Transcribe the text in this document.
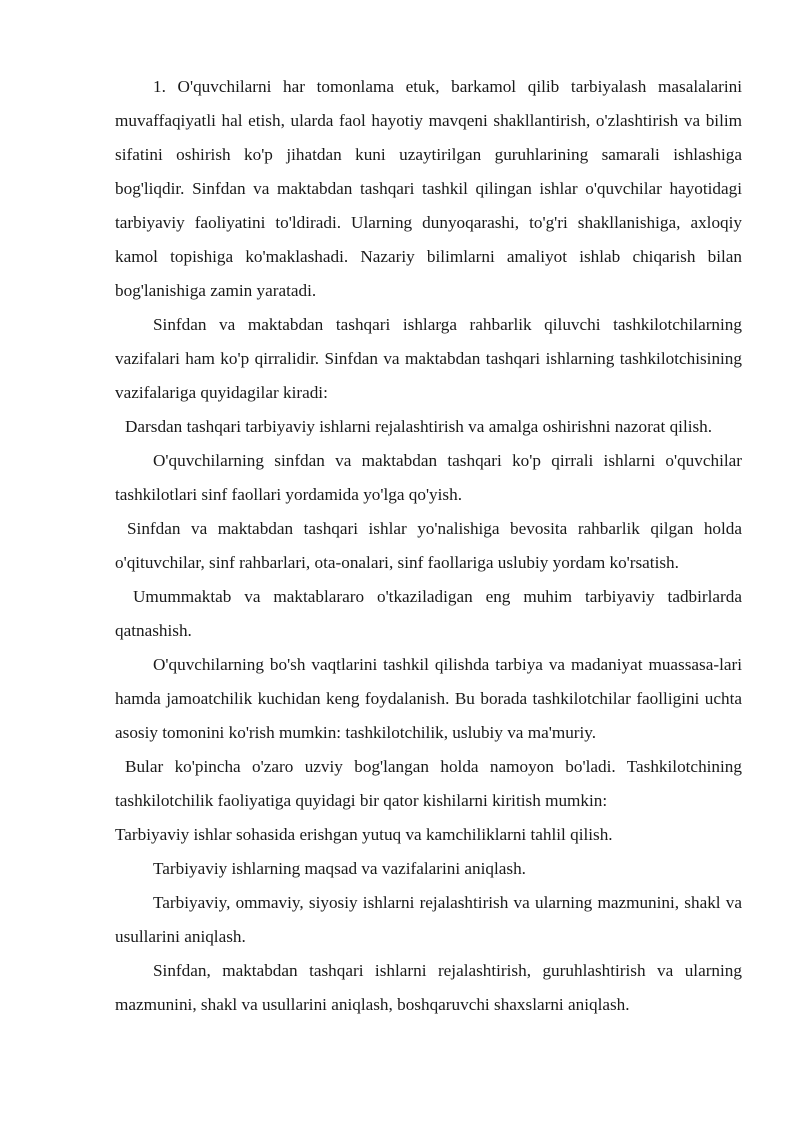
1. O'quvchilarni har tomonlama etuk, barkamol qilib tarbiyalash masalalarini muvaffaqiyatli hal etish, ularda faol hayotiy mavqeni shakllantirish, o'zlashtirish va bilim sifatini oshirish ko'p jihatdan kuni uzaytirilgan guruhlarining samarali ishlashiga bog'liqdir. Sinfdan va maktabdan tashqari tashkil qilingan ishlar o'quvchilar hayotidagi tarbiyaviy faoliyatini to'ldiradi. Ularning dunyoqarashi, to'g'ri shakllanishiga, axloqiy kamol topishiga ko'maklashadi. Nazariy bilimlarni amaliyot ishlab chiqarish bilan bog'lanishiga zamin yaratadi.

Sinfdan va maktabdan tashqari ishlarga rahbarlik qiluvchi tashkilotchilarning vazifalari ham ko'p qirralidir. Sinfdan va maktabdan tashqari ishlarning tashkilotchisining vazifalariga quyidagilar kiradi:

Darsdan tashqari tarbiyaviy ishlarni rejalashtirish va amalga oshirishni nazorat qilish.

O'quvchilarning sinfdan va maktabdan tashqari ko'p qirrali ishlarni o'quvchilar tashkilotlari sinf faollari yordamida yo'lga qo'yish.

Sinfdan va maktabdan tashqari ishlar yo'nalishiga bevosita rahbarlik qilgan holda o'qituvchilar, sinf rahbarlari, ota-onalari, sinf faollariga uslubiy yordam ko'rsatish.

Umummaktab va maktablararo o'tkaziladigan eng muhim tarbiyaviy tadbirlarda qatnashish.

O'quvchilarning bo'sh vaqtlarini tashkil qilishda tarbiya va madaniyat muassasa-lari hamda jamoatchilik kuchidan keng foydalanish. Bu borada tashkilotchilar faolligini uchta asosiy tomonini ko'rish mumkin: tashkilotchilik, uslubiy va ma'muriy.

Bular ko'pincha o'zaro uzviy bog'langan holda namoyon bo'ladi. Tashkilotchining tashkilotchilik faoliyatiga quyidagi bir qator kishilarni kiritish mumkin:

Tarbiyaviy ishlar sohasida erishgan yutuq va kamchiliklarni tahlil qilish.

Tarbiyaviy ishlarning maqsad va vazifalarini aniqlash.

Tarbiyaviy, ommaviy, siyosiy ishlarni rejalashtirish va ularning mazmunini, shakl va usullarini aniqlash.

Sinfdan, maktabdan tashqari ishlarni rejalashtirish, guruhlashtirish va ularning mazmunini, shakl va usullarini aniqlash, boshqaruvchi shaxslarni aniqlash.
